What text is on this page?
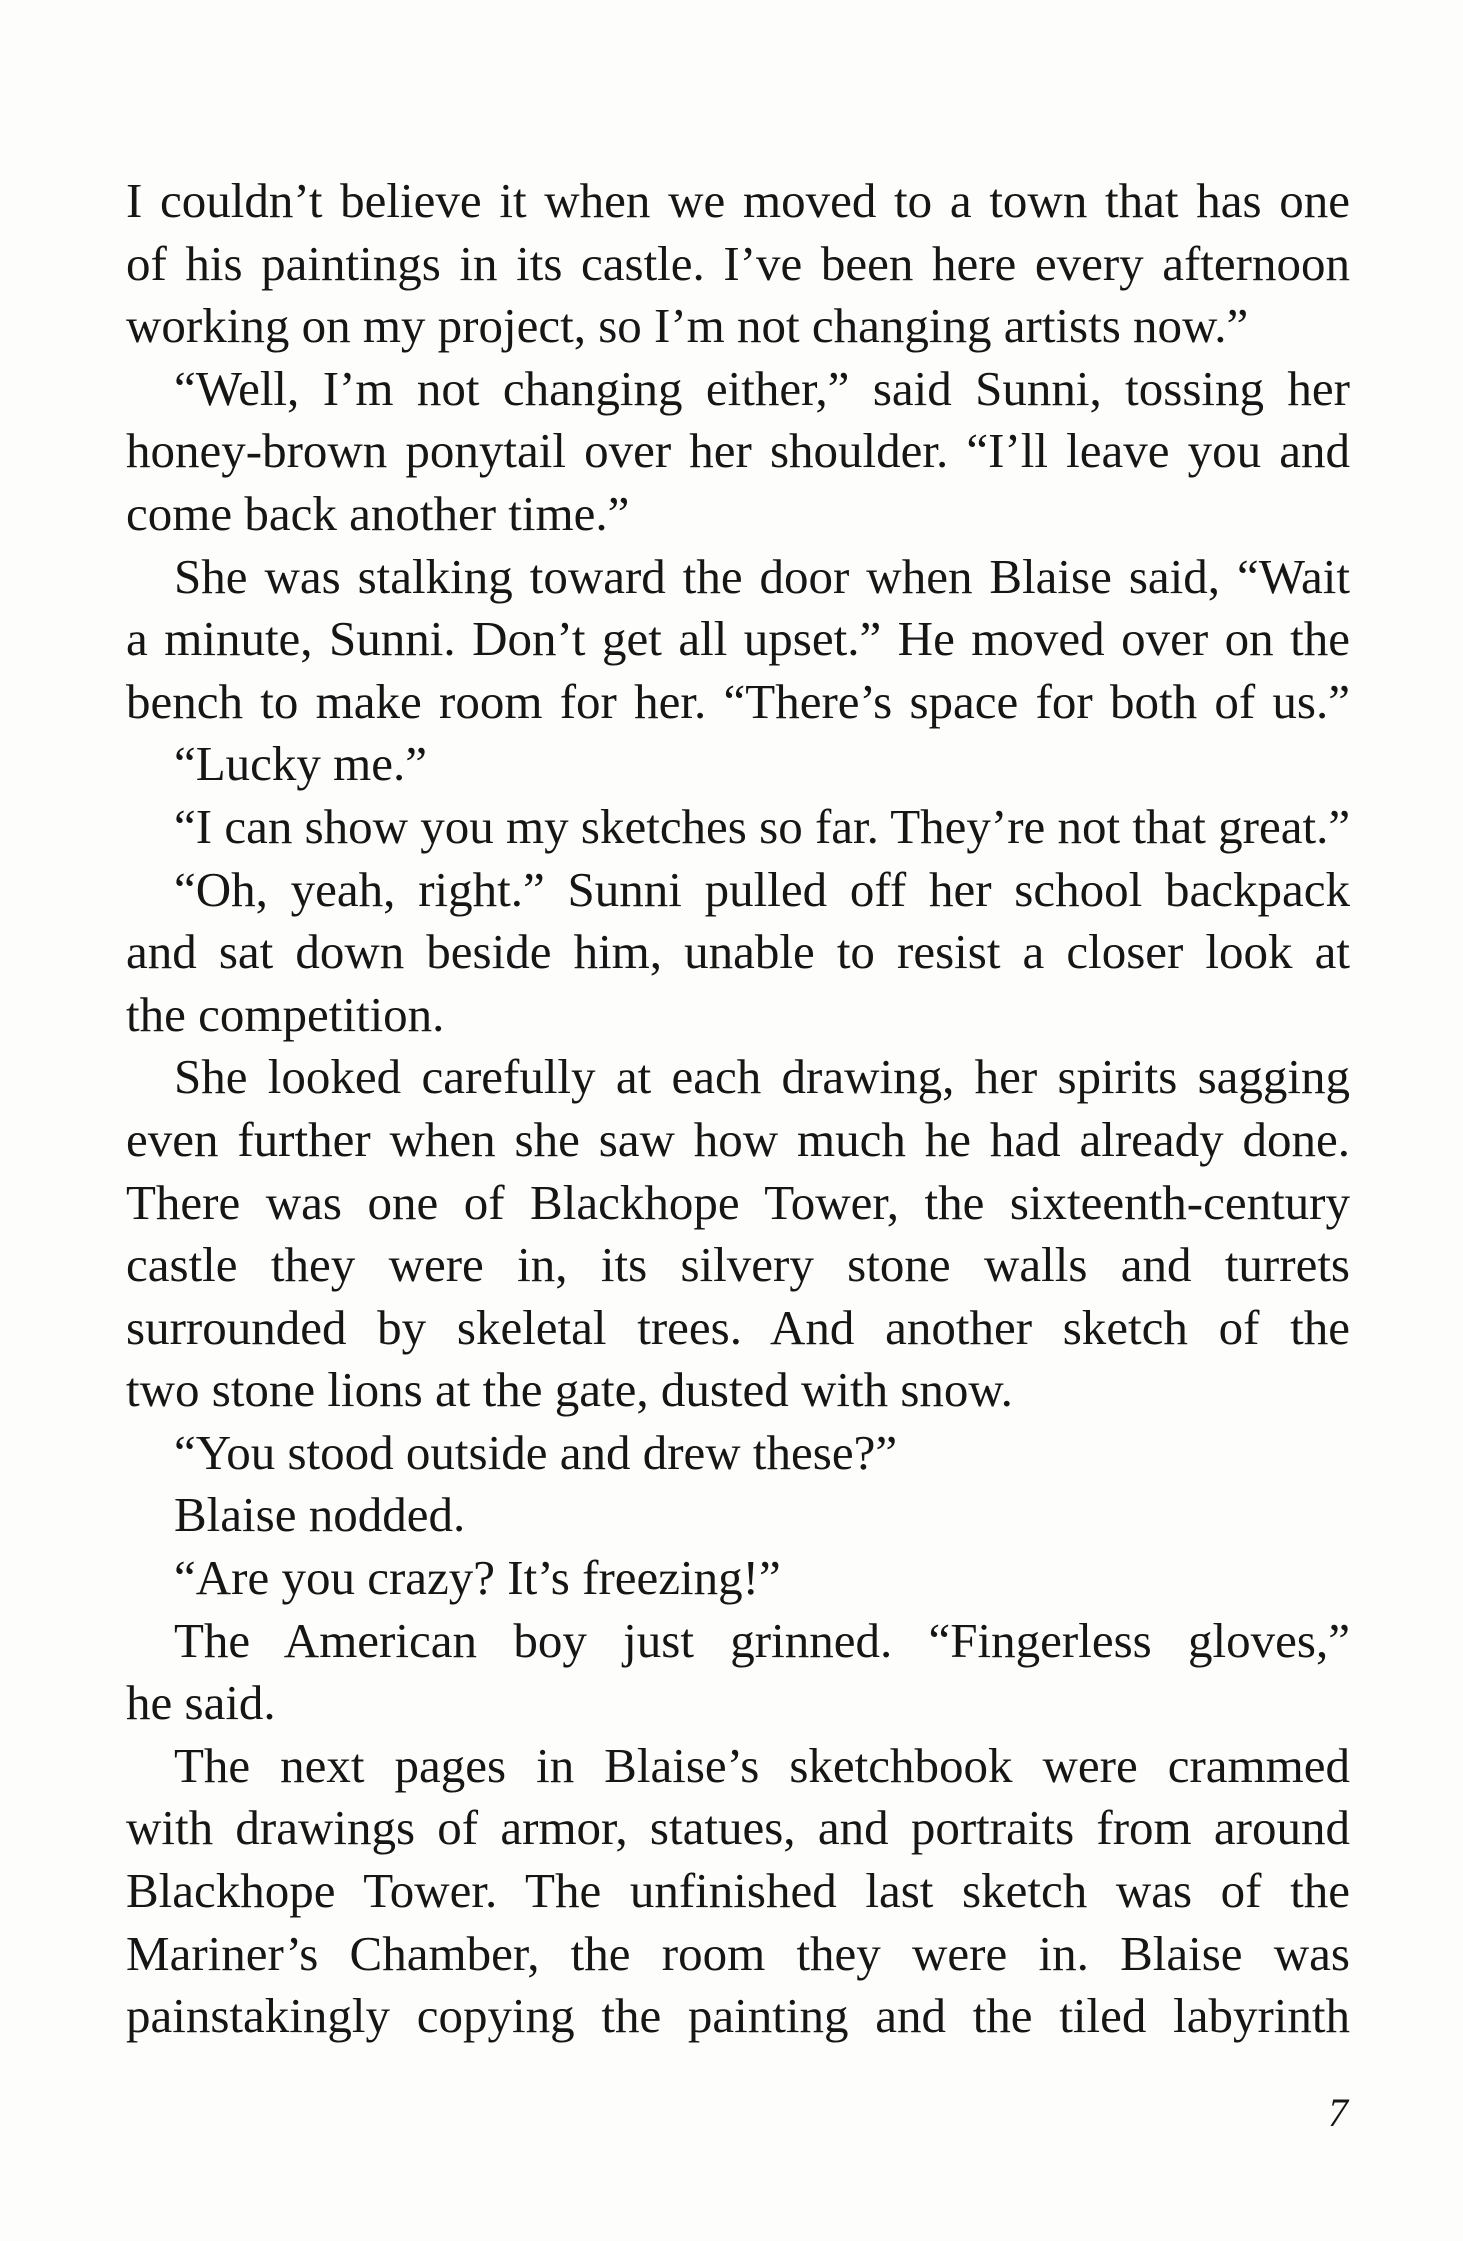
I couldn’t believe it when we moved to a town that has one
of his paintings in its castle. I’ve been here every afternoon
working on my project, so I’m not changing artists now.”
“Well, I’m not changing either,” said Sunni, tossing her
honey-brown ponytail over her shoulder. “I’ll leave you and
come back another time.”
She was stalking toward the door when Blaise said, “Wait
a minute, Sunni. Don’t get all upset.” He moved over on the
bench to make room for her. “There’s space for both of us.”
“Lucky me.”
“I can show you my sketches so far. They’re not that great.”
“Oh, yeah, right.” Sunni pulled off her school backpack
and sat down beside him, unable to resist a closer look at
the competition.
She looked carefully at each drawing, her spirits sagging
even further when she saw how much he had already done.
There was one of Blackhope Tower, the sixteenth-century
castle they were in, its silvery stone walls and turrets
surrounded by skeletal trees. And another sketch of the
two stone lions at the gate, dusted with snow.
“You stood outside and drew these?”
Blaise nodded.
“Are you crazy? It’s freezing!”
The American boy just grinned. “Fingerless gloves,”
he said.
The next pages in Blaise’s sketchbook were crammed
with drawings of armor, statues, and portraits from around
Blackhope Tower. The unfinished last sketch was of the
Mariner’s Chamber, the room they were in. Blaise was
painstakingly copying the painting and the tiled labyrinth
7
